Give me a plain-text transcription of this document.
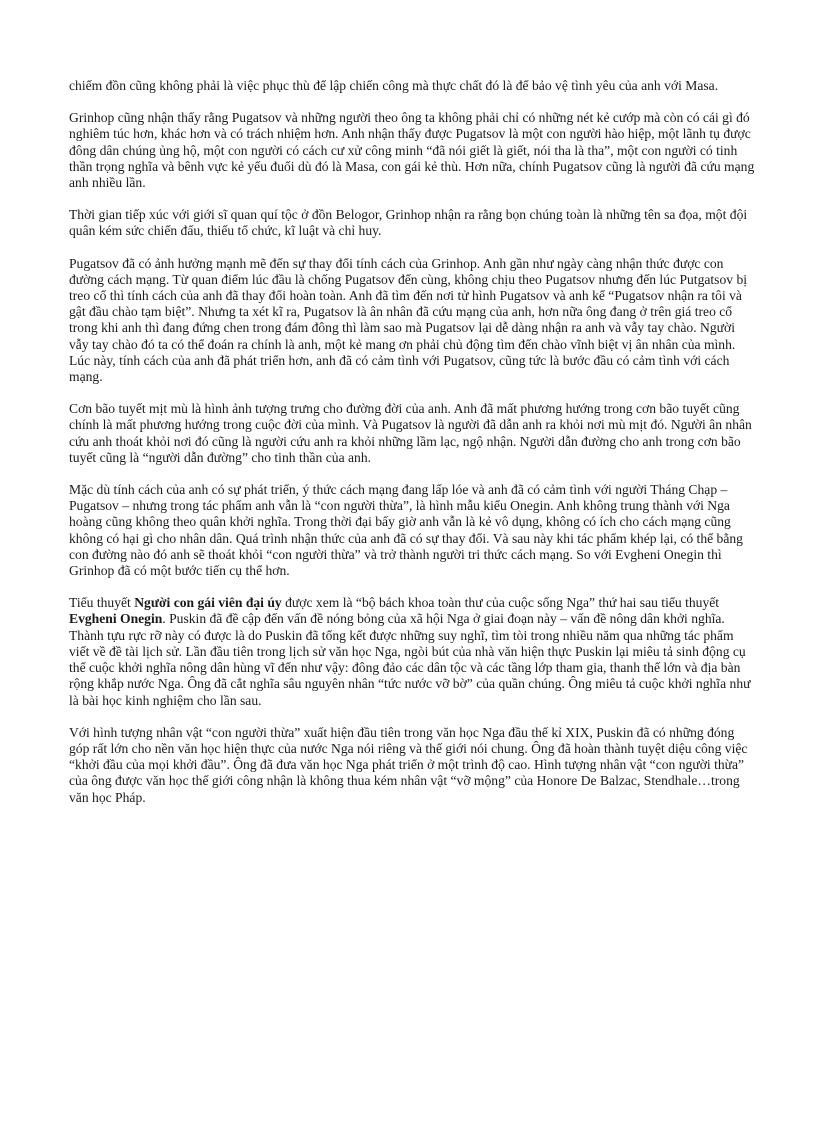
chiếm đồn cũng không phải là việc phục thù để lập chiến công mà thực chất đó là để bảo vệ tình yêu của anh với Masa.

Grinhop cũng nhận thấy rằng Pugatsov và những người theo ông ta không phải chỉ có những nét kẻ cướp mà còn có cái gì đó nghiêm túc hơn, khác hơn và có trách nhiệm hơn. Anh nhận thấy được Pugatsov là một con người hào hiệp, một lãnh tụ được đông dân chúng ủng hộ, một con người có cách cư xử công minh “đã nói giết là giết, nói tha là tha”, một con người có tinh thần trọng nghĩa và bênh vực kẻ yếu đuối dù đó là Masa, con gái kẻ thù. Hơn nữa, chính Pugatsov cũng là người đã cứu mạng anh nhiều lần.

Thời gian tiếp xúc với giới sĩ quan quí tộc ở đồn Belogor, Grinhop nhận ra rằng bọn chúng toàn là những tên sa đọa, một đội quân kém sức chiến đấu, thiếu tổ chức, kĩ luật và chỉ huy.

Pugatsov đã có ảnh hưởng mạnh mẽ đến sự thay đổi tính cách của Grinhop. Anh gần như ngày càng nhận thức được con đường cách mạng. Từ quan điểm lúc đầu là chống Pugatsov đến cùng, không chịu theo Pugatsov nhưng đến lúc Putgatsov bị treo cổ thì tính cách của anh đã thay đổi hoàn toàn. Anh đã tìm đến nơi tử hình Pugatsov và anh kể “Pugatsov nhận ra tôi và gật đầu chào tạm biệt”. Nhưng ta xét kĩ ra, Pugatsov là ân nhân đã cứu mạng của anh, hơn nữa ông đang ở trên giá treo cổ trong khi anh thì đang đứng chen trong đám đông thì làm sao mà Pugatsov lại dễ dàng nhận ra anh và vẫy tay chào. Người vẫy tay chào đó ta có thể đoán ra chính là anh, một kẻ mang ơn phải chủ động tìm đến chào vĩnh biệt vị ân nhân của mình. Lúc này, tính cách của anh đã phát triển hơn, anh đã có cảm tình với Pugatsov, cũng tức là bước đầu có cảm tình với cách mạng.

Cơn bão tuyết mịt mù là hình ảnh tượng trưng cho đường đời của anh. Anh đã mất phương hướng trong cơn bão tuyết cũng chính là mất phương hướng trong cuộc đời của mình. Và Pugatsov là người đã dẫn anh ra khỏi nơi mù mịt đó. Người ân nhân cứu anh thoát khỏi nơi đó cũng là người cứu anh ra khỏi những lầm lạc, ngộ nhận. Người dẫn đường cho anh trong cơn bão tuyết cũng là “người dẫn đường” cho tinh thần của anh.

Mặc dù tính cách của anh có sự phát triển, ý thức cách mạng đang lấp lóe và anh đã có cảm tình với người Tháng Chạp – Pugatsov – nhưng trong tác phẩm anh vẫn là “con người thừa”, là hình mẫu kiểu Onegin. Anh không trung thành với Nga hoàng cũng không theo quân khởi nghĩa. Trong thời đại bấy giờ anh vẫn là kẻ vô dụng, không có ích cho cách mạng cũng không có hại gì cho nhân dân. Quá trình nhận thức của anh đã có sự thay đổi. Và sau này khi tác phẩm khép lại, có thể bằng con đường nào đó anh sẽ thoát khỏi “con người thừa” và trở thành người tri thức cách mạng. So với Evgheni Onegin thì Grinhop đã có một bước tiến cụ thể hơn.

Tiểu thuyết Người con gái viên đại úy được xem là “bộ bách khoa toàn thư của cuộc sống Nga” thứ hai sau tiểu thuyết Evgheni Onegin. Puskin đã đề cập đến vấn đề nóng bỏng của xã hội Nga ở giai đoạn này – vấn đề nông dân khởi nghĩa. Thành tựu rực rỡ này có được là do Puskin đã tổng kết được những suy nghĩ, tìm tòi trong nhiều năm qua những tác phẩm viết về đề tài lịch sử. Lần đầu tiên trong lịch sử văn học Nga, ngòi bút của nhà văn hiện thực Puskin lại miêu tả sinh động cụ thể cuộc khởi nghĩa nông dân hùng vĩ đến như vậy: đông đảo các dân tộc và các tầng lớp tham gia, thanh thế lớn và địa bàn rộng khắp nước Nga. Ông đã cắt nghĩa sâu nguyên nhân “tức nước vỡ bờ” của quần chúng. Ông miêu tả cuộc khởi nghĩa như là bài học kinh nghiệm cho lần sau.

Với hình tượng nhân vật “con người thừa” xuất hiện đầu tiên trong văn học Nga đầu thế kỉ XIX, Puskin đã có những đóng góp rất lớn cho nền văn học hiện thực của nước Nga nói riêng và thế giới nói chung. Ông đã hoàn thành tuyệt diệu công việc “khởi đầu của mọi khởi đầu”. Ông đã đưa văn học Nga phát triển ở một trình độ cao. Hình tượng nhân vật “con người thừa” của ông được văn học thế giới công nhận là không thua kém nhân vật “vỡ mộng” của Honore De Balzac, Stendhale…trong văn học Pháp.
